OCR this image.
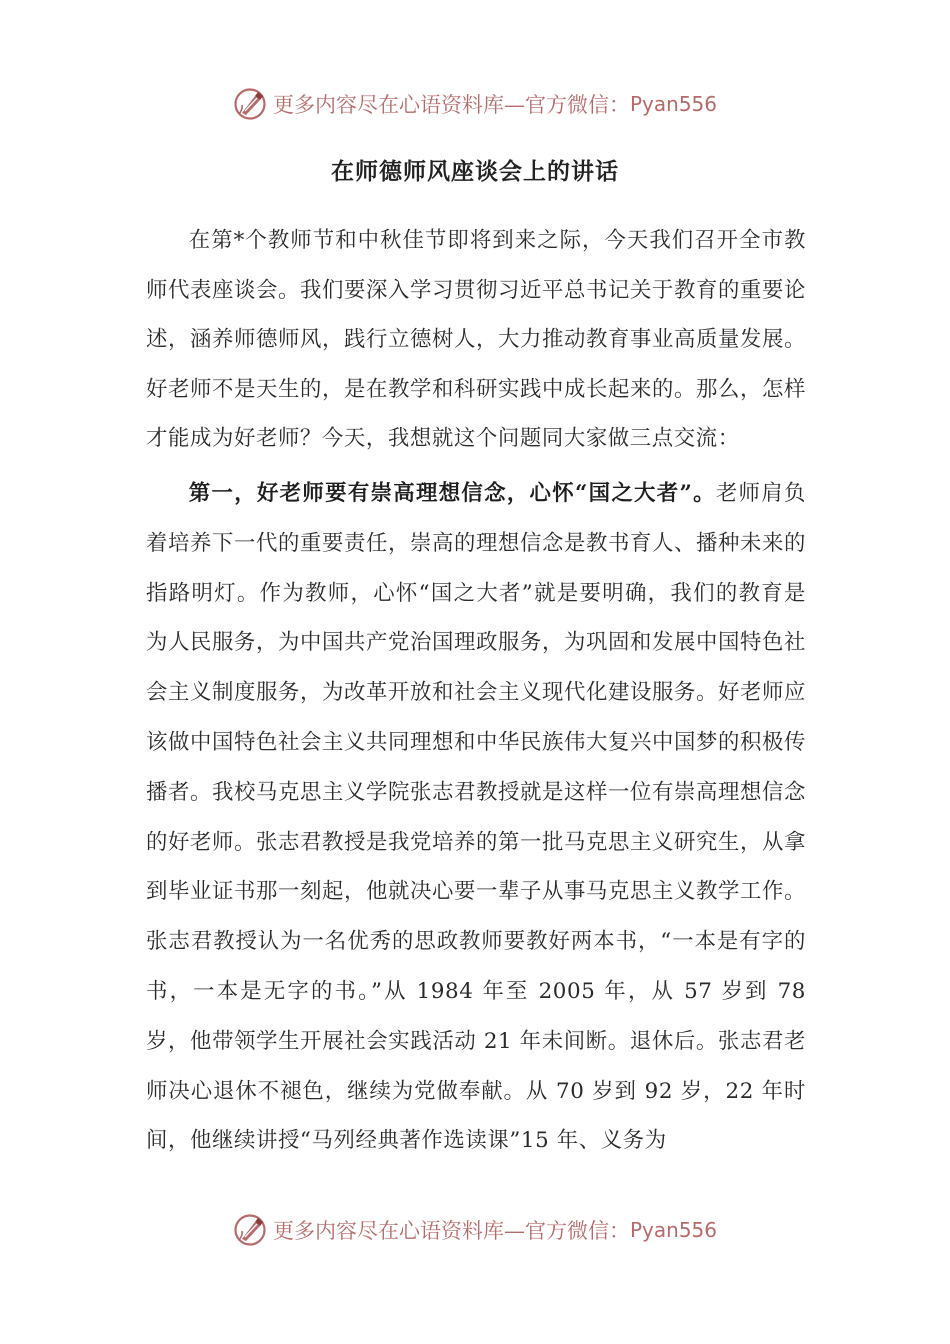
更多内容尽在心语资料库—官方微信： Pyan556
在师德师风座谈会上的讲话

在第*个教师节和中秋佳节即将到来之际，今天我们召开全市教师代表座谈会。我们要深入学习贯彻习近平总书记关于教育的重要论述，涵养师德师风，践行立德树人，大力推动教育事业高质量发展。好老师不是天生的，是在教学和科研实践中成长起来的。那么，怎样才能成为好老师？今天，我想就这个问题同大家做三点交流：

第一，好老师要有崇高理想信念，心怀“国之大者”。老师肩负着培养下一代的重要责任，崇高的理想信念是教书育人、播种未来的指路明灯。作为教师，心怀“国之大者”就是要明确，我们的教育是为人民服务，为中国共产党治国理政服务，为巩固和发展中国特色社会主义制度服务，为改革开放和社会主义现代化建设服务。好老师应该做中国特色社会主义共同理想和中华民族伟大复兴中国梦的积极传播者。我校马克思主义学院张志君教授就是这样一位有崇高理想信念的好老师。张志君教授是我党培养的第一批马克思主义研究生，从拿到毕业证书那一刻起，他就决心要一辈子从事马克思主义教学工作。张志君教授认为一名优秀的思政教师要教好两本书，“一本是有字的书，一本是无字的书。”从 1984 年至 2005 年，从 57 岁到 78 岁，他带领学生开展社会实践活动 21 年未间断。退休后。张志君老师决心退休不褪色，继续为党做奉献。从 70 岁到 92 岁，22 年时间，他继续讲授“马列经典著作选读课”15 年、义务为

更多内容尽在心语资料库—官方微信： Pyan556
